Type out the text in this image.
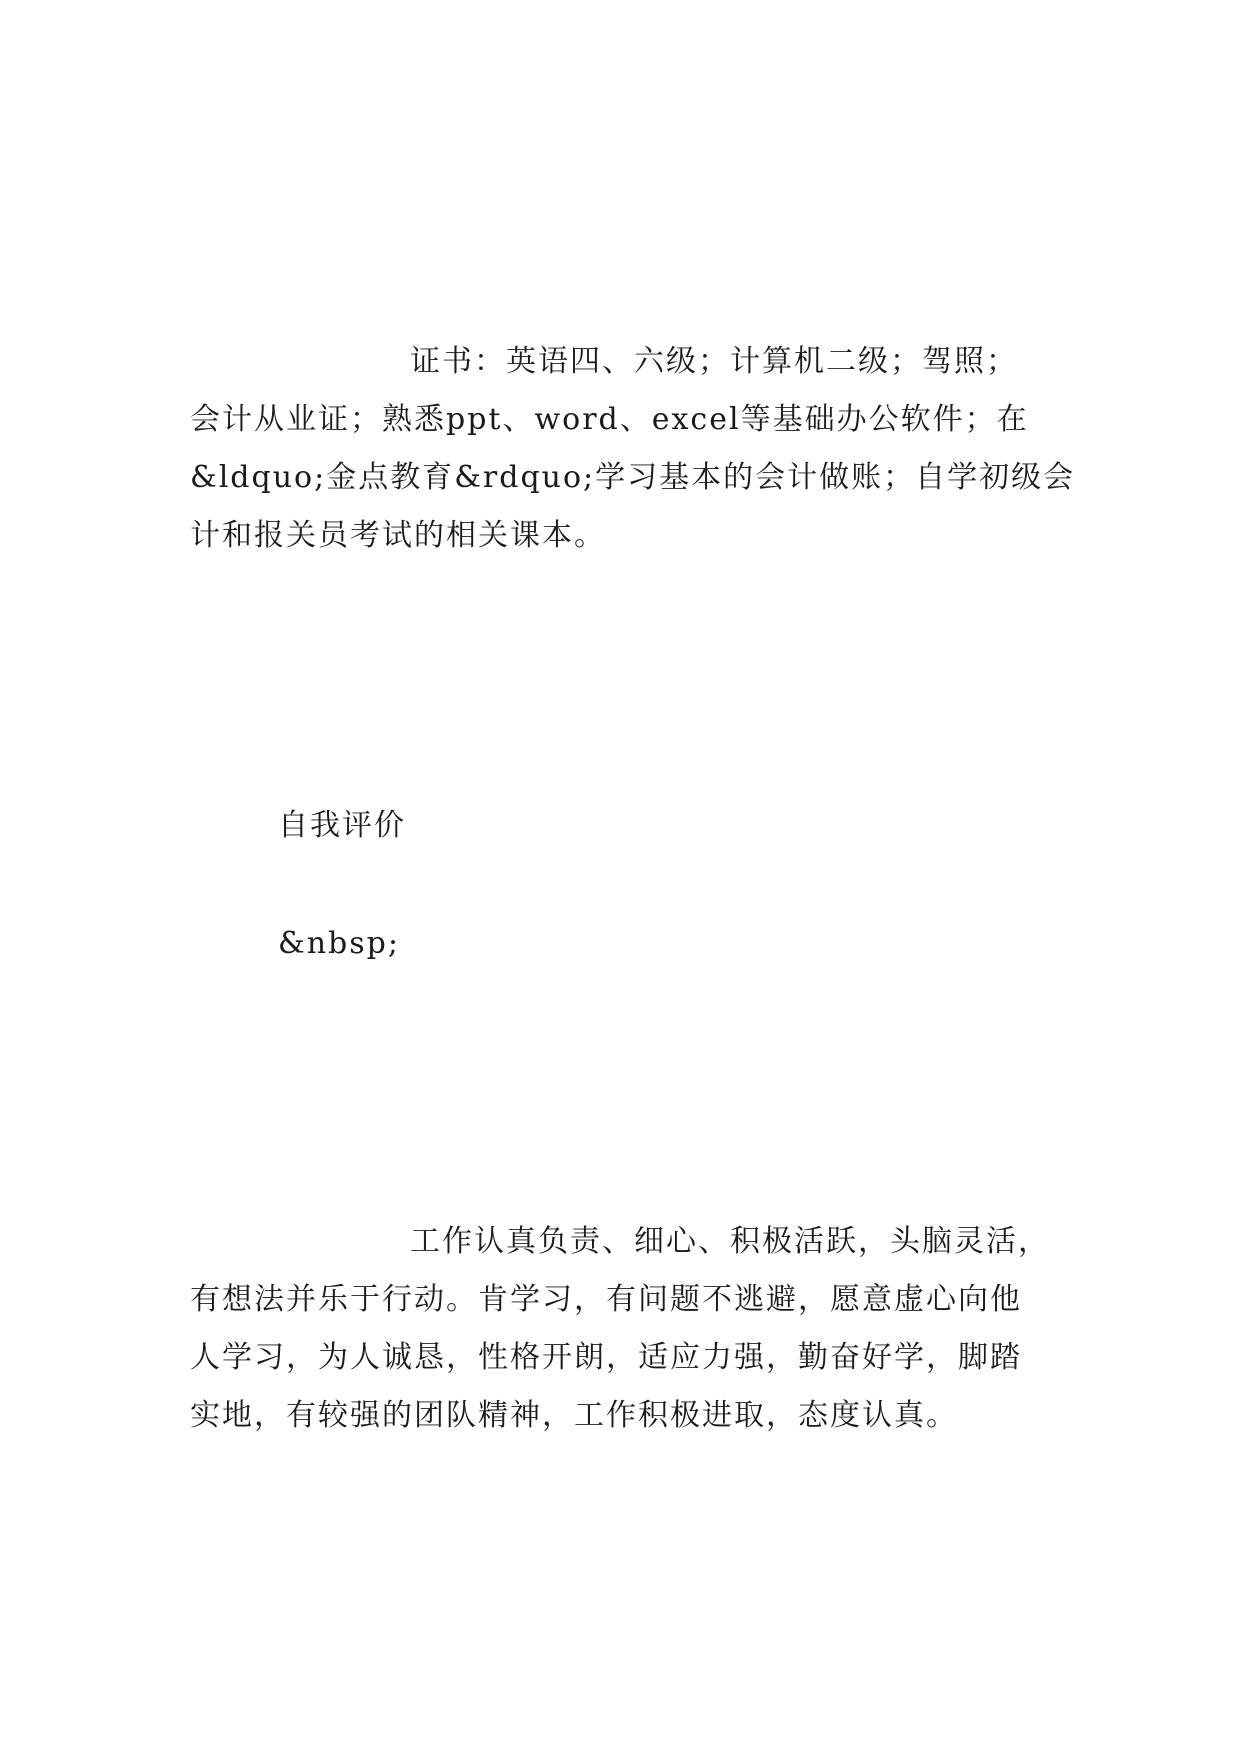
证书：英语四、六级；计算机二级；驾照；
会计从业证；熟悉ppt、word、excel等基础办公软件；在
&ldquo;金点教育&rdquo;学习基本的会计做账；自学初级会
计和报关员考试的相关课本。
自我评价
&nbsp;
工作认真负责、细心、积极活跃，头脑灵活，
有想法并乐于行动。肯学习，有问题不逃避，愿意虚心向他
人学习，为人诚恳，性格开朗，适应力强，勤奋好学，脚踏
实地，有较强的团队精神，工作积极进取，态度认真。
